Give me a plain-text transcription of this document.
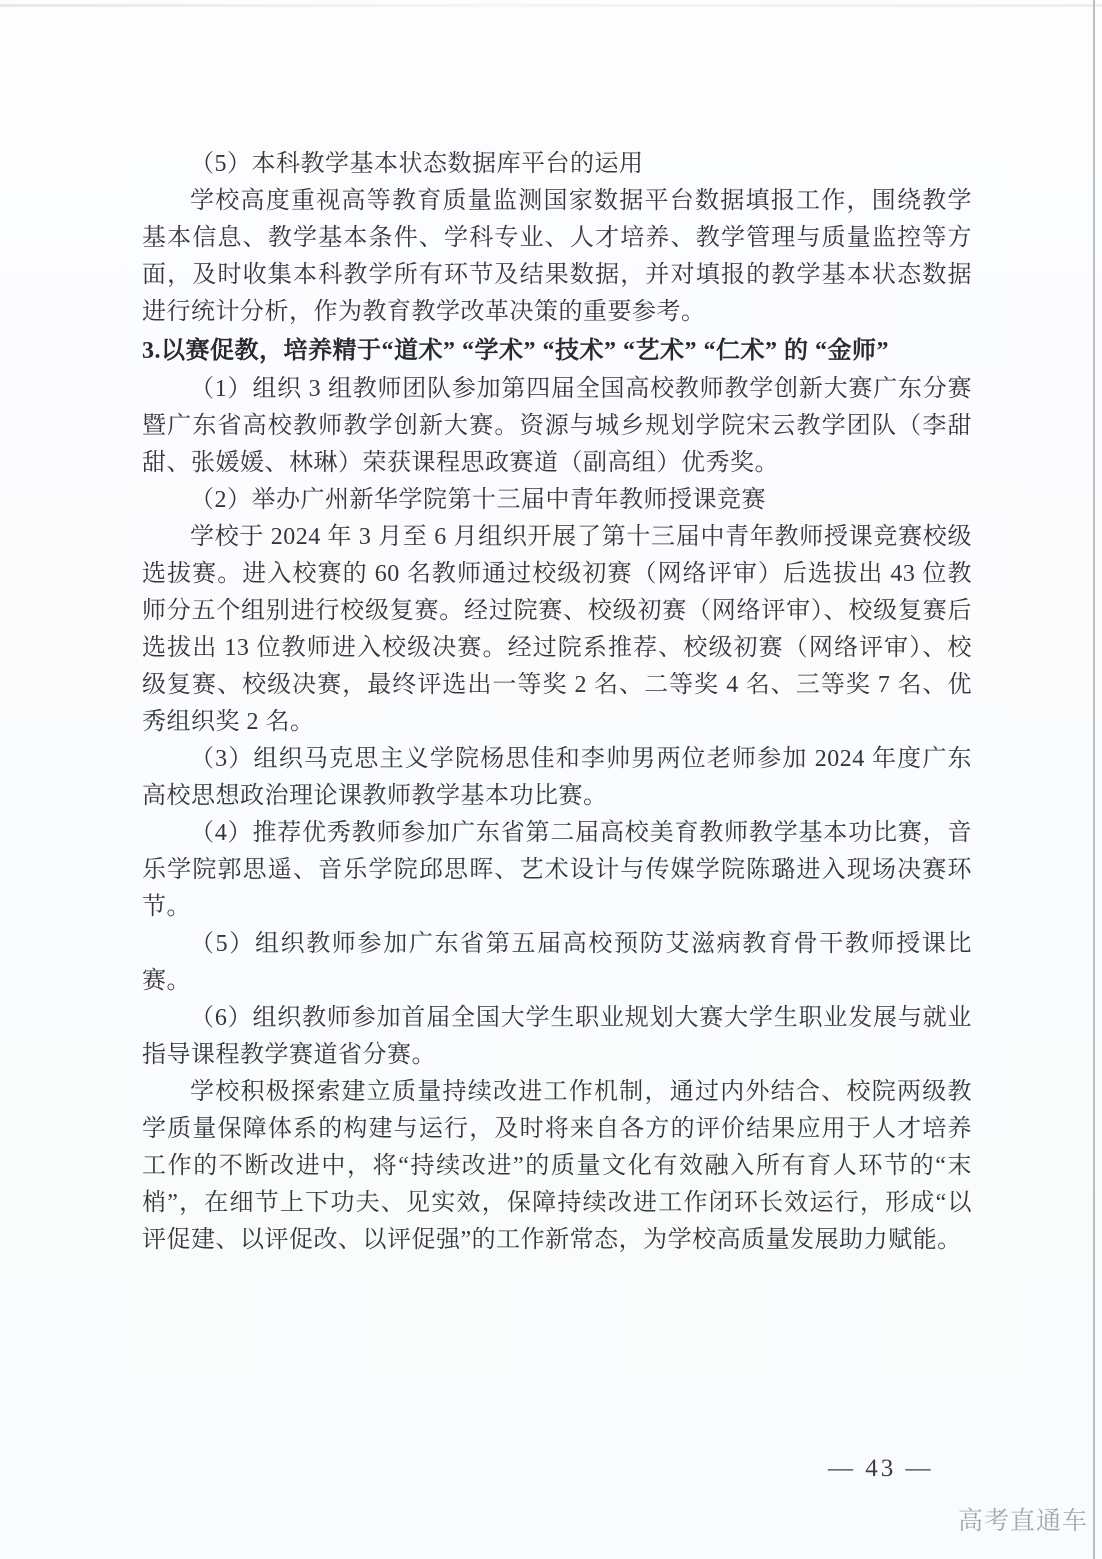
（5）本科教学基本状态数据库平台的运用

学校高度重视高等教育质量监测国家数据平台数据填报工作，围绕教学基本信息、教学基本条件、学科专业、人才培养、教学管理与质量监控等方面，及时收集本科教学所有环节及结果数据，并对填报的教学基本状态数据进行统计分析，作为教育教学改革决策的重要参考。

3.以赛促教，培养精于“道术” “学术” “技术” “艺术” “仁术” 的 “金师”

（1）组织 3 组教师团队参加第四届全国高校教师教学创新大赛广东分赛暨广东省高校教师教学创新大赛。资源与城乡规划学院宋云教学团队（李甜甜、张媛媛、林琳）荣获课程思政赛道（副高组）优秀奖。

（2）举办广州新华学院第十三届中青年教师授课竞赛

学校于 2024 年 3 月至 6 月组织开展了第十三届中青年教师授课竞赛校级选拔赛。进入校赛的 60 名教师通过校级初赛（网络评审）后选拔出 43 位教师分五个组别进行校级复赛。经过院赛、校级初赛（网络评审）、校级复赛后选拔出 13 位教师进入校级决赛。经过院系推荐、校级初赛（网络评审）、校级复赛、校级决赛，最终评选出一等奖 2 名、二等奖 4 名、三等奖 7 名、优秀组织奖 2 名。

（3）组织马克思主义学院杨思佳和李帅男两位老师参加 2024 年度广东高校思想政治理论课教师教学基本功比赛。

（4）推荐优秀教师参加广东省第二届高校美育教师教学基本功比赛，音乐学院郭思遥、音乐学院邱思晖、艺术设计与传媒学院陈璐进入现场决赛环节。

（5）组织教师参加广东省第五届高校预防艾滋病教育骨干教师授课比赛。

（6）组织教师参加首届全国大学生职业规划大赛大学生职业发展与就业指导课程教学赛道省分赛。

学校积极探索建立质量持续改进工作机制，通过内外结合、校院两级教学质量保障体系的构建与运行，及时将来自各方的评价结果应用于人才培养工作的不断改进中，将“持续改进”的质量文化有效融入所有育人环节的“末梢”，在细节上下功夫、见实效，保障持续改进工作闭环长效运行，形成“以评促建、以评促改、以评促强”的工作新常态，为学校高质量发展助力赋能。

— 43 —
高考直通车
